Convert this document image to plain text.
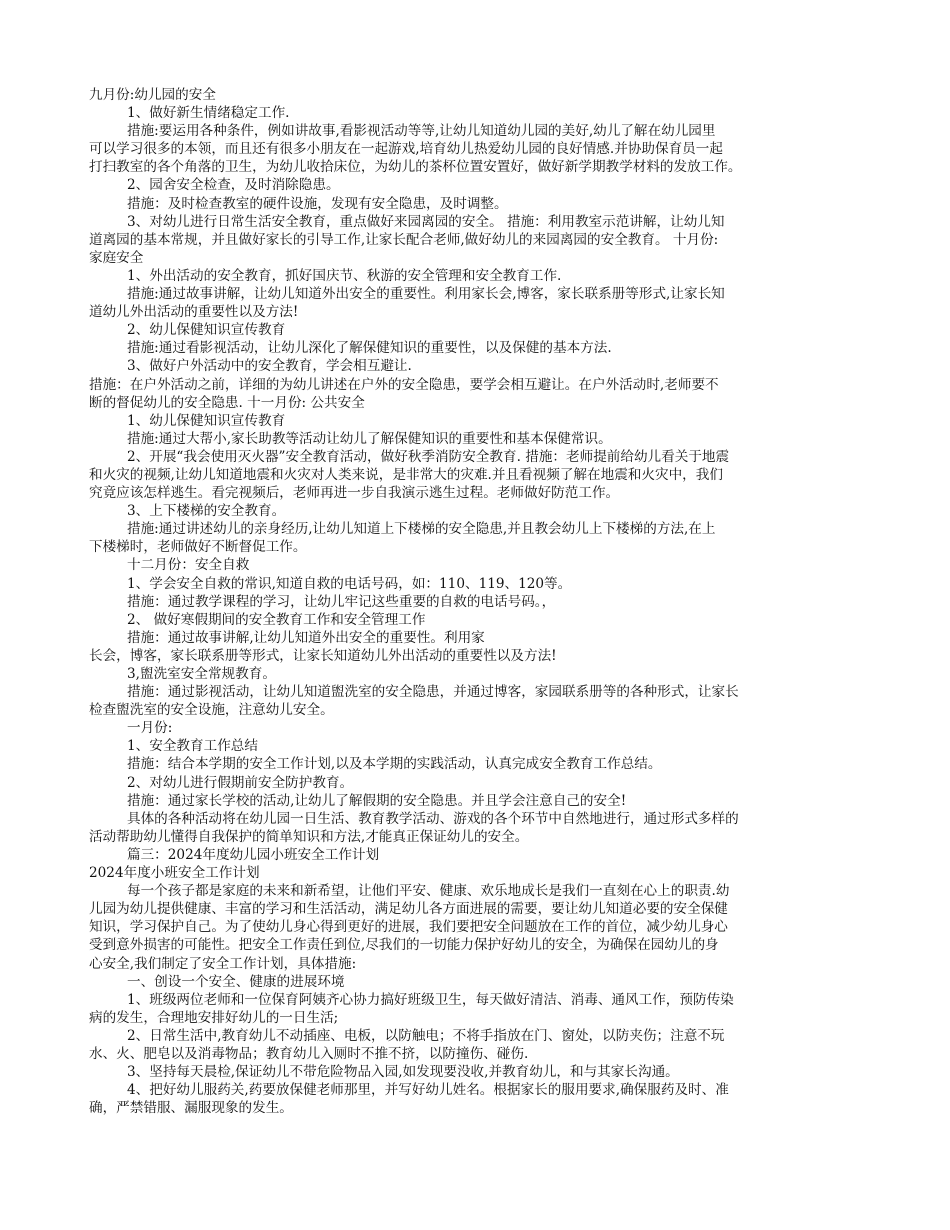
九月份:幼儿园的安全
1、做好新生情绪稳定工作.
措施:要运用各种条件，例如讲故事,看影视活动等等,让幼儿知道幼儿园的美好,幼儿了解在幼儿园里
可以学习很多的本领，而且还有很多小朋友在一起游戏,培育幼儿热爱幼儿园的良好情感.并协助保育员一起
打扫教室的各个角落的卫生，为幼儿收拾床位，为幼儿的茶杯位置安置好，做好新学期教学材料的发放工作。
2、园舍安全检查，及时消除隐患。
措施：及时检查教室的硬件设施，发现有安全隐患，及时调整。
3、对幼儿进行日常生活安全教育，重点做好来园离园的安全。 措施：利用教室示范讲解，让幼儿知
道离园的基本常规，并且做好家长的引导工作,让家长配合老师,做好幼儿的来园离园的安全教育。 十月份:
家庭安全
1、外出活动的安全教育，抓好国庆节、秋游的安全管理和安全教育工作.
措施:通过故事讲解，让幼儿知道外出安全的重要性。利用家长会,博客，家长联系册等形式,让家长知
道幼儿外出活动的重要性以及方法!
2、幼儿保健知识宣传教育
措施:通过看影视活动，让幼儿深化了解保健知识的重要性，以及保健的基本方法.
3、做好户外活动中的安全教育，学会相互避让.
措施：在户外活动之前，详细的为幼儿讲述在户外的安全隐患，要学会相互避让。在户外活动时,老师要不
断的督促幼儿的安全隐患. 十一月份: 公共安全
1、幼儿保健知识宣传教育
措施:通过大帮小,家长助教等活动让幼儿了解保健知识的重要性和基本保健常识。
2、开展“我会使用灭火器”安全教育活动，做好秋季消防安全教育. 措施：老师提前给幼儿看关于地震
和火灾的视频,让幼儿知道地震和火灾对人类来说，是非常大的灾难.并且看视频了解在地震和火灾中，我们
究竟应该怎样逃生。看完视频后，老师再进一步自我演示逃生过程。老师做好防范工作。
3、上下楼梯的安全教育。
措施:通过讲述幼儿的亲身经历,让幼儿知道上下楼梯的安全隐患,并且教会幼儿上下楼梯的方法,在上
下楼梯时，老师做好不断督促工作。
十二月份：安全自救
1、学会安全自救的常识,知道自救的电话号码，如：110、119、120等。
措施：通过教学课程的学习，让幼儿牢记这些重要的自救的电话号码。，
2、 做好寒假期间的安全教育工作和安全管理工作
措施：通过故事讲解,让幼儿知道外出安全的重要性。利用家
长会，博客，家长联系册等形式，让家长知道幼儿外出活动的重要性以及方法!
3,盥洗室安全常规教育。
措施：通过影视活动，让幼儿知道盥洗室的安全隐患，并通过博客，家园联系册等的各种形式，让家长
检查盥洗室的安全设施，注意幼儿安全。
一月份:
1、安全教育工作总结
措施：结合本学期的安全工作计划,以及本学期的实践活动，认真完成安全教育工作总结。
2、对幼儿进行假期前安全防护教育。
措施：通过家长学校的活动,让幼儿了解假期的安全隐患。并且学会注意自己的安全!
具体的各种活动将在幼儿园一日生活、教育教学活动、游戏的各个环节中自然地进行，通过形式多样的
活动帮助幼儿懂得自我保护的简单知识和方法,才能真正保证幼儿的安全。
篇三：2024年度幼儿园小班安全工作计划
2024年度小班安全工作计划
每一个孩子都是家庭的未来和新希望，让他们平安、健康、欢乐地成长是我们一直刻在心上的职责.幼
儿园为幼儿提供健康、丰富的学习和生活活动，满足幼儿各方面进展的需要，要让幼儿知道必要的安全保健
知识，学习保护自己。为了使幼儿身心得到更好的进展，我们要把安全问题放在工作的首位，减少幼儿身心
受到意外损害的可能性。把安全工作责任到位,尽我们的一切能力保护好幼儿的安全，为确保在园幼儿的身
心安全,我们制定了安全工作计划，具体措施:
一、创设一个安全、健康的进展环境
1、班级两位老师和一位保育阿姨齐心协力搞好班级卫生，每天做好清洁、消毒、通风工作，预防传染
病的发生，合理地安排好幼儿的一日生活;
2、日常生活中,教育幼儿不动插座、电板，以防触电；不将手指放在门、窗处，以防夹伤；注意不玩
水、火、肥皂以及消毒物品；教育幼儿入厕时不推不挤，以防撞伤、碰伤.
3、坚持每天晨检,保证幼儿不带危险物品入园,如发现要没收,并教育幼儿，和与其家长沟通。
4、把好幼儿服药关,药要放保健老师那里，并写好幼儿姓名。根据家长的服用要求,确保服药及时、准
确，严禁错服、漏服现象的发生。
